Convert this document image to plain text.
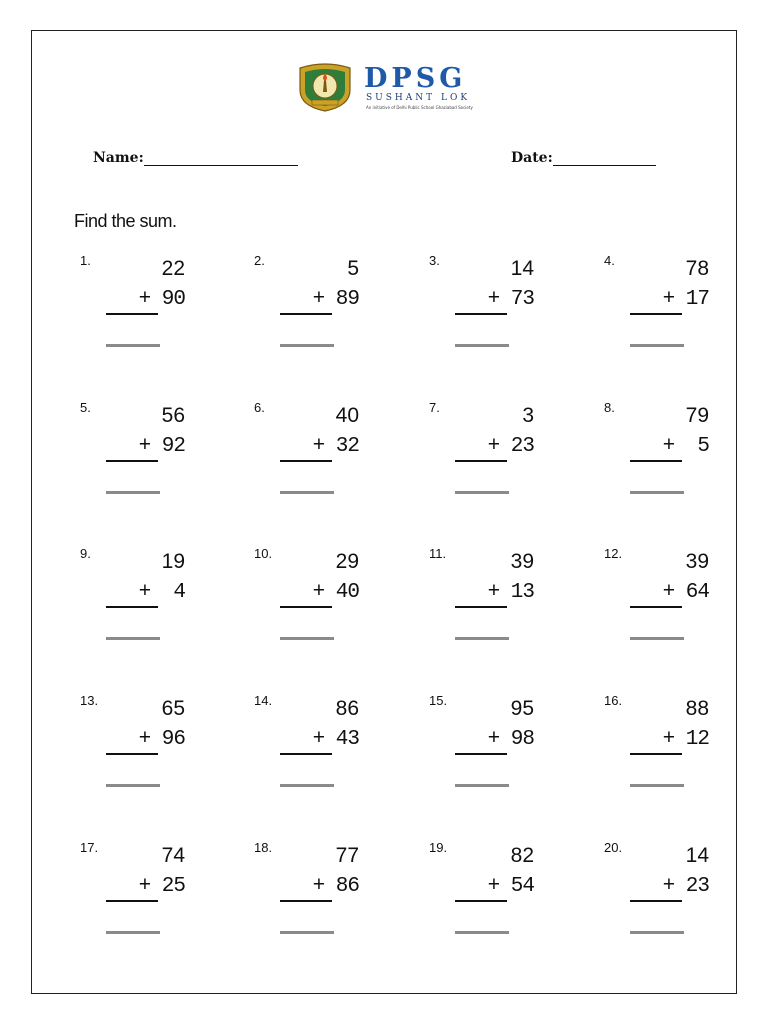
DPSG
SUSHANT LOK
An initiative of Delhi Public School Ghaziabad Society
Name:	Date:
Find the sum.
1.	22
+ 90
2.	5
+ 89
3.	14
+ 73
4.	78
+ 17
5.	56
+ 92
6.	40
+ 32
7.	3
+ 23
8.	79
+  5
9.	19
+  4
10.	29
+ 40
11.	39
+ 13
12.	39
+ 64
13.	65
+ 96
14.	86
+ 43
15.	95
+ 98
16.	88
+ 12
17.	74
+ 25
18.	77
+ 86
19.	82
+ 54
20.	14
+ 23
